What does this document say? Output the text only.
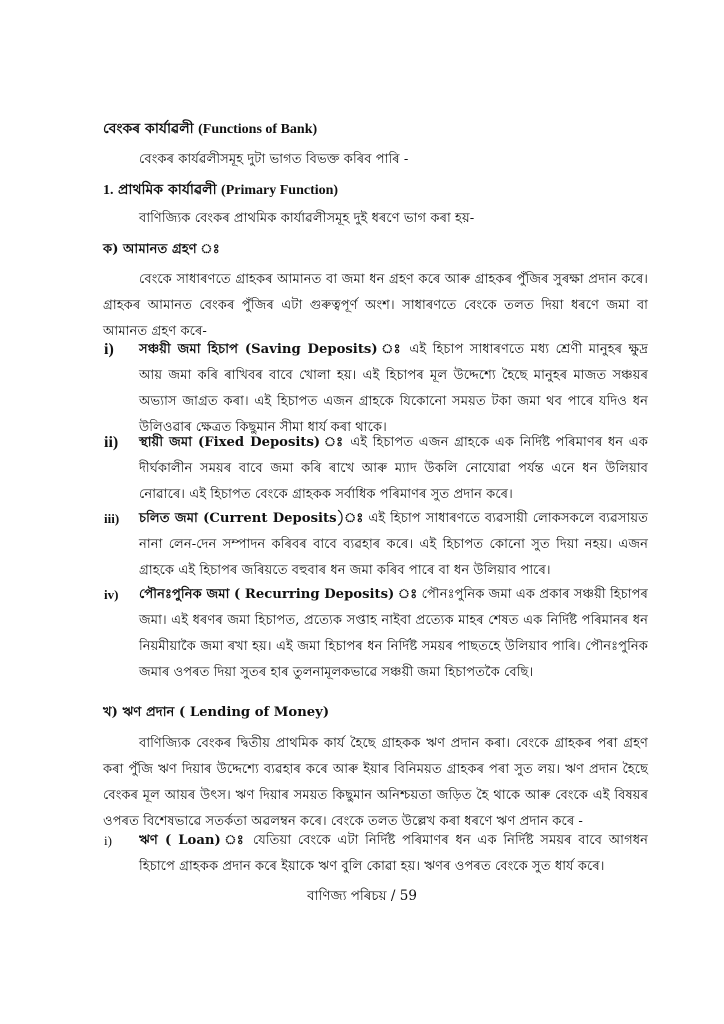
বেংকৰ কাৰ্যাৱলী (Functions of Bank)
বেংকৰ কাৰ্যৱলীসমূহ দুটা ভাগত বিভক্ত কৰিব পাৰি -
1. প্ৰাথমিক কাৰ্যাৱলী (Primary Function)
বাণিজ্যিক বেংকৰ প্ৰাথমিক কাৰ্যাৱলীসমূহ দুই ধৰণে ভাগ কৰা হয়-
ক) আমানত গ্ৰহণ ঃ
বেংকে সাধাৰণতে গ্ৰাহকৰ আমানত বা জমা ধন গ্ৰহণ কৰে আৰু গ্ৰাহকৰ পুঁজিৰ সুৰক্ষা প্ৰদান কৰে। গ্ৰাহকৰ আমানত বেংকৰ পুঁজিৰ এটা গুৰুত্বপূৰ্ণ অংশ। সাধাৰণতে বেংকে তলত দিয়া ধৰণে জমা বা আমানত গ্ৰহণ কৰে-
i) সঞ্চয়ী জমা হিচাপ (Saving Deposits) ঃ এই হিচাপ সাধাৰণতে মধ্য শ্ৰেণী মানুহৰ ক্ষুদ্ৰ আয় জমা কৰি ৰাখিবৰ বাবে খোলা হয়। এই হিচাপৰ মূল উদ্দেশ্যে হৈছে মানুহৰ মাজত সঞ্চয়ৰ অভ্যাস জাগ্ৰত কৰা। এই হিচাপত এজন গ্ৰাহকে যিকোনো সময়ত টকা জমা থব পাৰে যদিও ধন উলিওৱাৰ ক্ষেত্ৰত কিছুমান সীমা ধাৰ্য কৰা থাকে।
ii) স্থায়ী জমা (Fixed Deposits) ঃ এই হিচাপত এজন গ্ৰাহকে এক নিৰ্দিষ্ট পৰিমাণৰ ধন এক দীৰ্ঘকালীন সময়ৰ বাবে জমা কৰি ৰাখে আৰু ম্যাদ উকলি নোযোৱা পৰ্যন্ত এনে ধন উলিয়াব নোৱাৰে। এই হিচাপত বেংকে গ্ৰাহকক সৰ্বাধিক পৰিমাণৰ সুত প্ৰদান কৰে।
iii) চলিত জমা (Current Deposits)ঃ এই হিচাপ সাধাৰণতে ব্যৱসায়ী লোকসকলে ব্যৱসায়ত নানা লেন-দেন সম্পাদন কৰিবৰ বাবে ব্যৱহাৰ কৰে। এই হিচাপত কোনো সুত দিয়া নহয়। এজন গ্ৰাহকে এই হিচাপৰ জৰিয়তে বহুবাৰ ধন জমা কৰিব পাৰে বা ধন উলিয়াব পাৰে।
iv) পৌনঃপুনিক জমা ( Recurring Deposits) ঃ পৌনঃপুনিক জমা এক প্ৰকাৰ সঞ্চয়ী হিচাপৰ জমা। এই ধৰণৰ জমা হিচাপত, প্ৰত্যেক সপ্তাহ নাইবা প্ৰত্যেক মাহৰ শেষত এক নিৰ্দিষ্ট পৰিমানৰ ধন নিয়মীয়াকৈ জমা ৰখা হয়। এই জমা হিচাপৰ ধন নিৰ্দিষ্ট সময়ৰ পাছতহে উলিয়াব পাৰি। পৌনঃপুনিক জমাৰ ওপৰত দিয়া সুতৰ হাৰ তুলনামূলকভাৱে সঞ্চয়ী জমা হিচাপতকৈ বেছি।
খ) ঋণ প্ৰদান ( Lending of Money)
বাণিজ্যিক বেংকৰ দ্বিতীয় প্ৰাথমিক কাৰ্য হৈছে গ্ৰাহকক ঋণ প্ৰদান কৰা। বেংকে গ্ৰাহকৰ পৰা গ্ৰহণ কৰা পুঁজি ঋণ দিয়াৰ উদ্দেশ্যে ব্যৱহাৰ কৰে আৰু ইয়াৰ বিনিময়ত গ্ৰাহকৰ পৰা সুত লয়। ঋণ প্ৰদান হৈছে বেংকৰ মূল আয়ৰ উৎস। ঋণ দিয়াৰ সময়ত কিছুমান অনিশ্চয়তা জড়িত হৈ থাকে আৰু বেংকে এই বিষয়ৰ ওপৰত বিশেষভাৱে সতৰ্কতা অৱলম্বন কৰে। বেংকে তলত উল্লেখ কৰা ধৰণে ঋণ প্ৰদান কৰে -
i) ঋণ ( Loan) ঃ যেতিয়া বেংকে এটা নিৰ্দিষ্ট পৰিমাণৰ ধন এক নিৰ্দিষ্ট সময়ৰ বাবে আগধন হিচাপে গ্ৰাহকক প্ৰদান কৰে ইয়াকে ঋণ বুলি কোৱা হয়। ঋণৰ ওপৰত বেংকে সুত ধাৰ্য কৰে।
বাণিজ্য পৰিচয় / 59
